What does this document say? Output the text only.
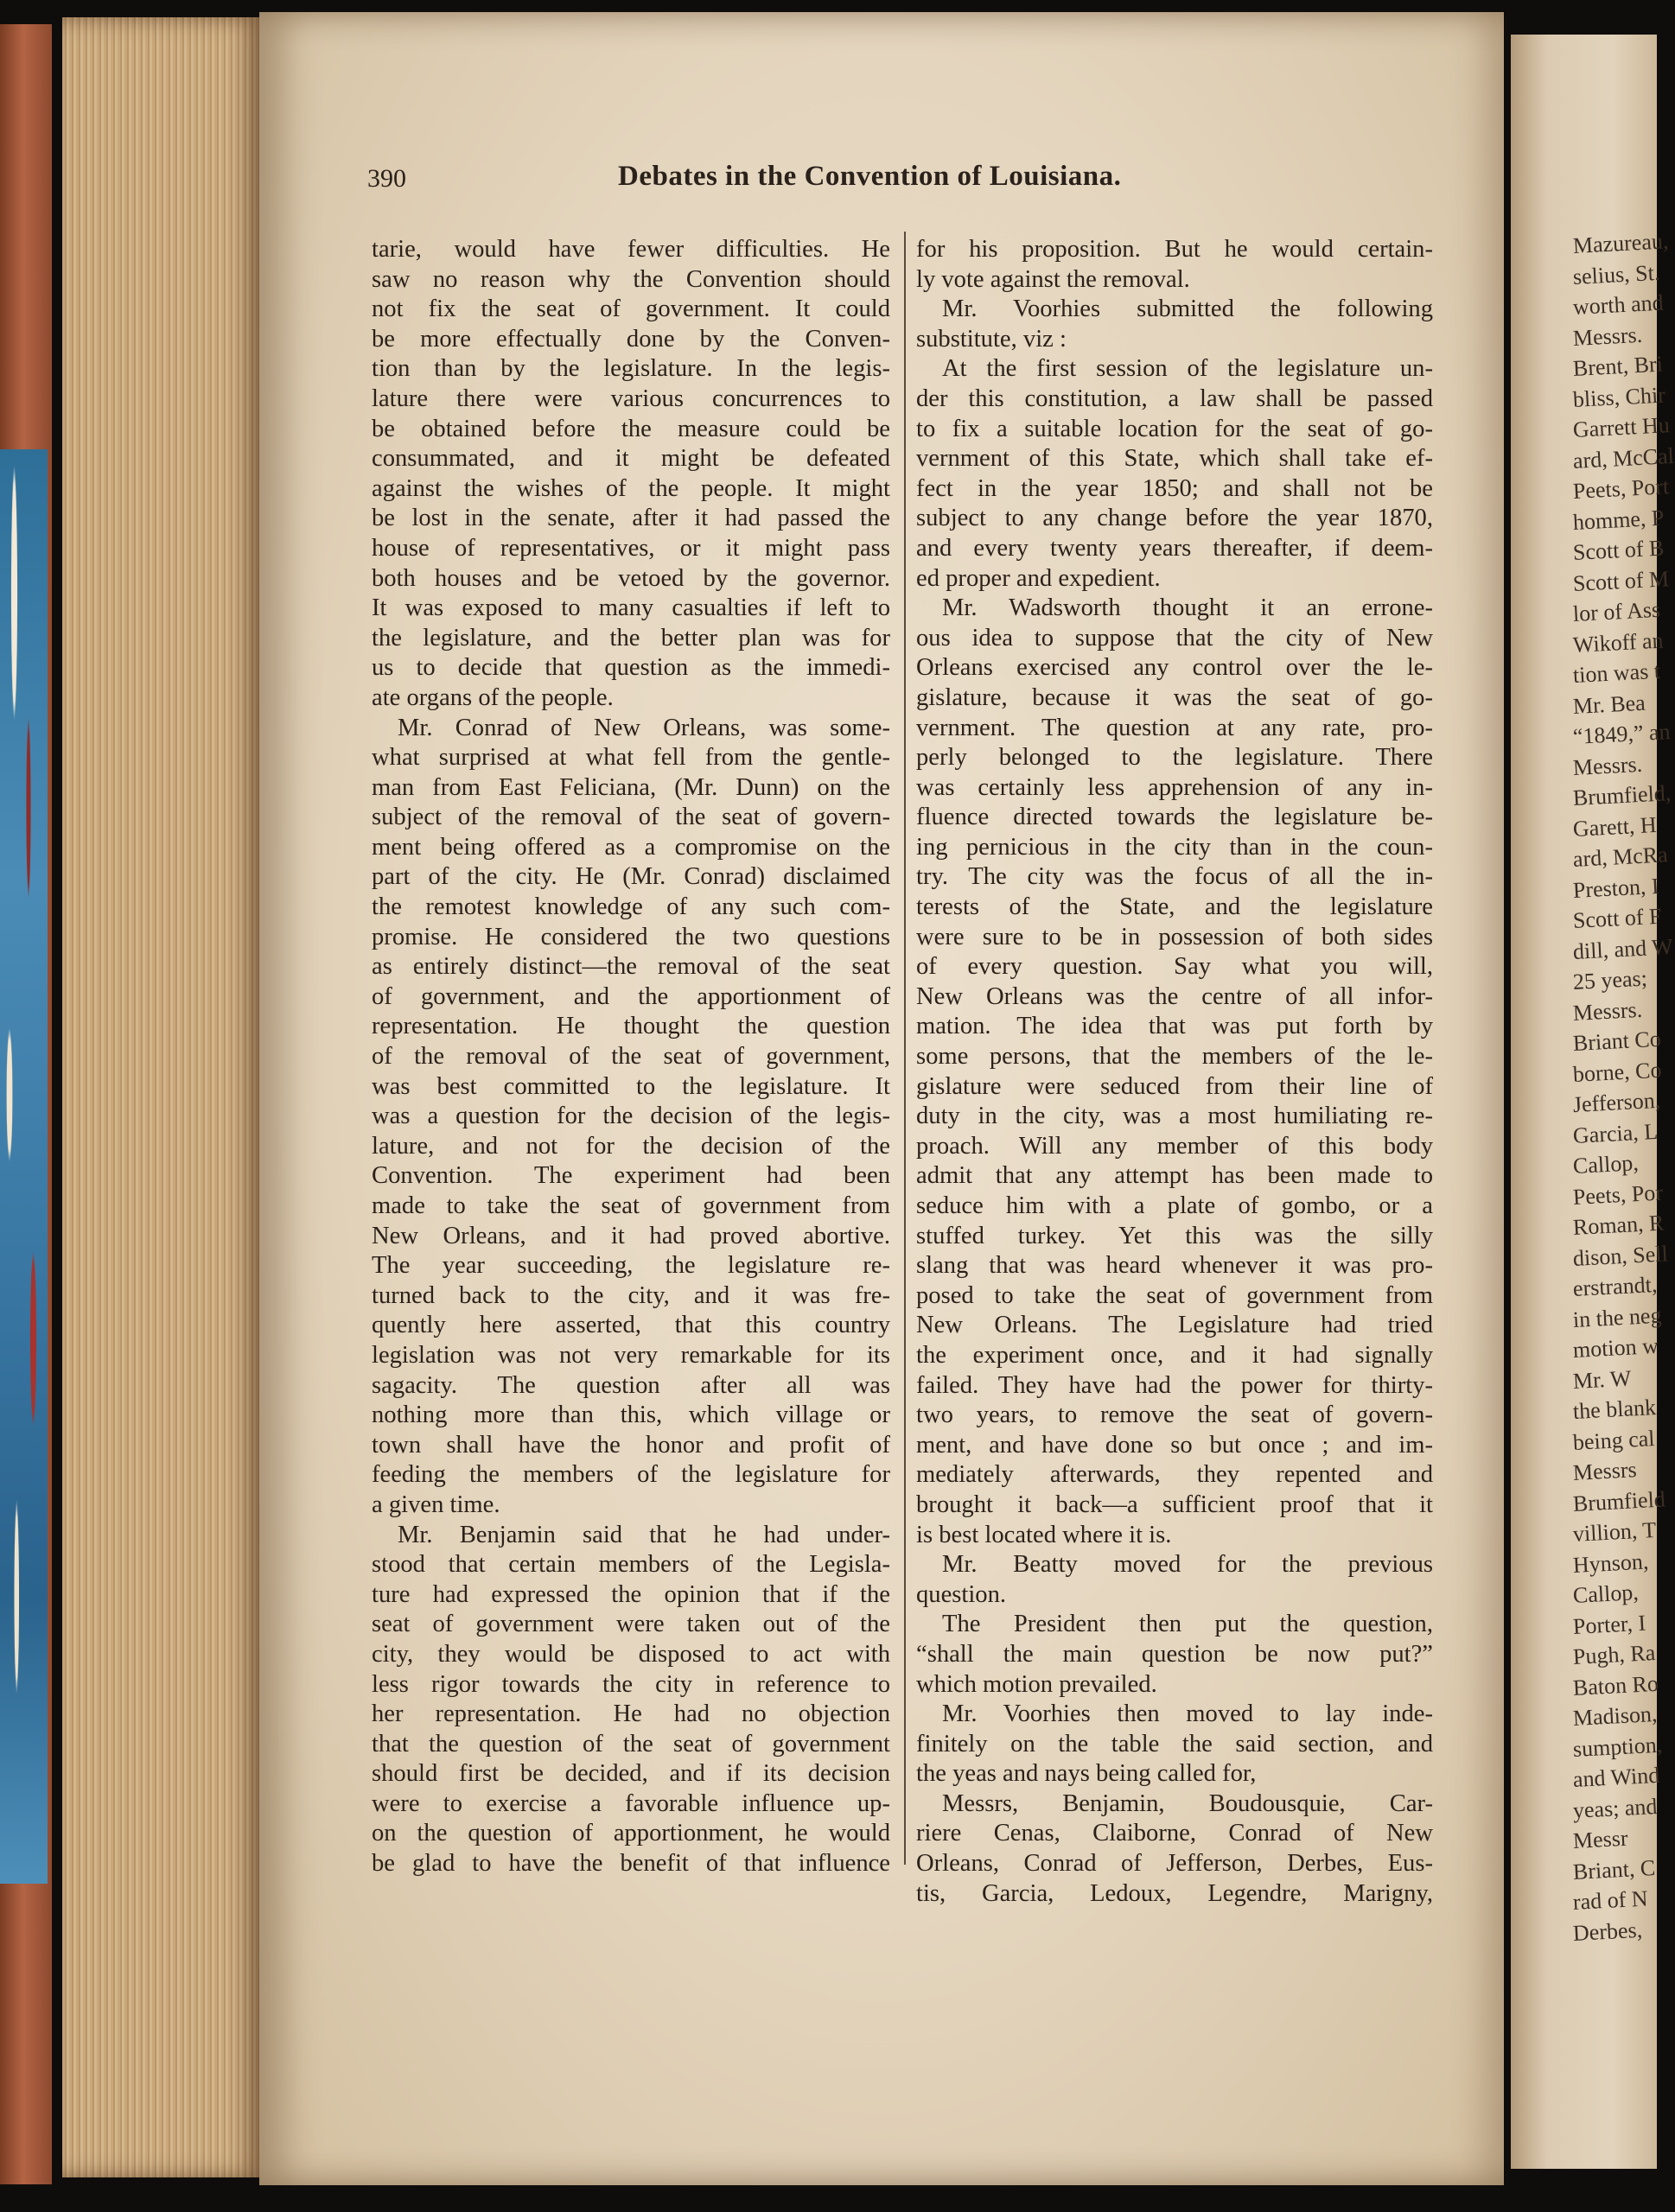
390	Debates in the Convention of Louisiana.
tarie, would have fewer difficulties. He
saw no reason why the Convention should
not fix the seat of government. It could
be more effectually done by the Conven-
tion than by the legislature. In the legis-
lature there were various concurrences to
be obtained before the measure could be
consummated, and it might be defeated
against the wishes of the people. It might
be lost in the senate, after it had passed the
house of representatives, or it might pass
both houses and be vetoed by the governor.
It was exposed to many casualties if left to
the legislature, and the better plan was for
us to decide that question as the immedi-
ate organs of the people.
Mr. Conrad of New Orleans, was some-
what surprised at what fell from the gentle-
man from East Feliciana, (Mr. Dunn) on the
subject of the removal of the seat of govern-
ment being offered as a compromise on the
part of the city. He (Mr. Conrad) disclaimed
the remotest knowledge of any such com-
promise. He considered the two questions
as entirely distinct—the removal of the seat
of government, and the apportionment of
representation. He thought the question
of the removal of the seat of government,
was best committed to the legislature. It
was a question for the decision of the legis-
lature, and not for the decision of the
Convention. The experiment had been
made to take the seat of government from
New Orleans, and it had proved abortive.
The year succeeding, the legislature re-
turned back to the city, and it was fre-
quently here asserted, that this country
legislation was not very remarkable for its
sagacity. The question after all was
nothing more than this, which village or
town shall have the honor and profit of
feeding the members of the legislature for
a given time.
Mr. Benjamin said that he had under-
stood that certain members of the Legisla-
ture had expressed the opinion that if the
seat of government were taken out of the
city, they would be disposed to act with
less rigor towards the city in reference to
her representation. He had no objection
that the question of the seat of government
should first be decided, and if its decision
were to exercise a favorable influence up-
on the question of apportionment, he would
be glad to have the benefit of that influence
for his proposition. But he would certain-
ly vote against the removal.
Mr. Voorhies submitted the following
substitute, viz :
At the first session of the legislature un-
der this constitution, a law shall be passed
to fix a suitable location for the seat of go-
vernment of this State, which shall take ef-
fect in the year 1850; and shall not be
subject to any change before the year 1870,
and every twenty years thereafter, if deem-
ed proper and expedient.
Mr. Wadsworth thought it an errone-
ous idea to suppose that the city of New
Orleans exercised any control over the le-
gislature, because it was the seat of go-
vernment. The question at any rate, pro-
perly belonged to the legislature. There
was certainly less apprehension of any in-
fluence directed towards the legislature be-
ing pernicious in the city than in the coun-
try. The city was the focus of all the in-
terests of the State, and the legislature
were sure to be in possession of both sides
of every question. Say what you will,
New Orleans was the centre of all infor-
mation. The idea that was put forth by
some persons, that the members of the le-
gislature were seduced from their line of
duty in the city, was a most humiliating re-
proach. Will any member of this body
admit that any attempt has been made to
seduce him with a plate of gombo, or a
stuffed turkey. Yet this was the silly
slang that was heard whenever it was pro-
posed to take the seat of government from
New Orleans. The Legislature had tried
the experiment once, and it had signally
failed. They have had the power for thirty-
two years, to remove the seat of govern-
ment, and have done so but once ; and im-
mediately afterwards, they repented and
brought it back—a sufficient proof that it
is best located where it is.
Mr. Beatty moved for the previous
question.
The President then put the question,
“shall the main question be now put?”
which motion prevailed.
Mr. Voorhies then moved to lay inde-
finitely on the table the said section, and
the yeas and nays being called for,
Messrs, Benjamin, Boudousquie, Car-
riere Cenas, Claiborne, Conrad of New
Orleans, Conrad of Jefferson, Derbes, Eus-
tis, Garcia, Ledoux, Legendre, Marigny,
Mazureau,
selius, St.
worth and
Messrs.
Brent, Bri
bliss, Chir
Garrett Hu
ard, McCal
Peets, Port
homme, P
Scott of B
Scott of M
lor of Ass
Wikoff an
tion was t
Mr. Bea
“1849,” an
Messrs.
Brumfield,
Garett, H
ard, McRa
Preston, I
Scott of F
dill, and W
25 yeas;
Messrs.
Briant Co
borne, Co
Jefferson,
Garcia, L
Callop,
Peets, Por
Roman, R
dison, Sell
erstrandt,
in the neg
motion w
Mr. W
the blank
being cal
Messrs
Brumfield
villion, T
Hynson,
Callop,
Porter, I
Pugh, Ra
Baton Ro
Madison,
sumption,
and Wind
yeas; and
Messr
Briant, C
rad of N
Derbes,
